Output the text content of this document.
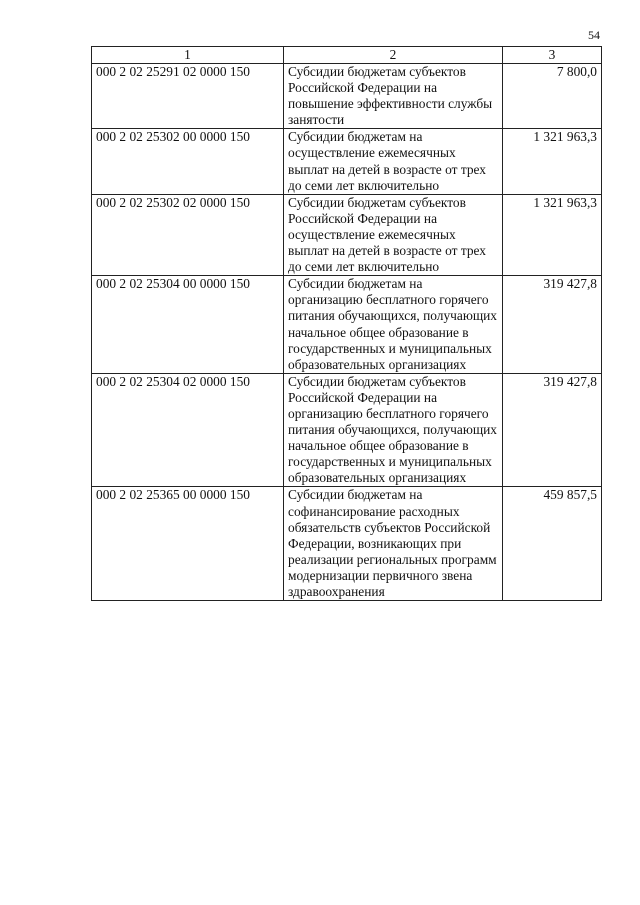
54
1	2	3
000 2 02 25291 02 0000 150	Субсидии бюджетам субъектов Российской Федерации на повышение эффективности службы занятости	7 800,0
000 2 02 25302 00 0000 150	Субсидии бюджетам на осуществление ежемесячных выплат на детей в возрасте от трех до семи лет включительно	1 321 963,3
000 2 02 25302 02 0000 150	Субсидии бюджетам субъектов Российской Федерации на осуществление ежемесячных выплат на детей в возрасте от трех до семи лет включительно	1 321 963,3
000 2 02 25304 00 0000 150	Субсидии бюджетам на организацию бесплатного горячего питания обучающихся, получающих начальное общее образование в государственных и муниципальных образовательных организациях	319 427,8
000 2 02 25304 02 0000 150	Субсидии бюджетам субъектов Российской Федерации на организацию бесплатного горячего питания обучающихся, получающих начальное общее образование в государственных и муниципальных образовательных организациях	319 427,8
000 2 02 25365 00 0000 150	Субсидии бюджетам на софинансирование расходных обязательств субъектов Российской Федерации, возникающих при реализации региональных программ модернизации первичного звена здравоохранения	459 857,5
